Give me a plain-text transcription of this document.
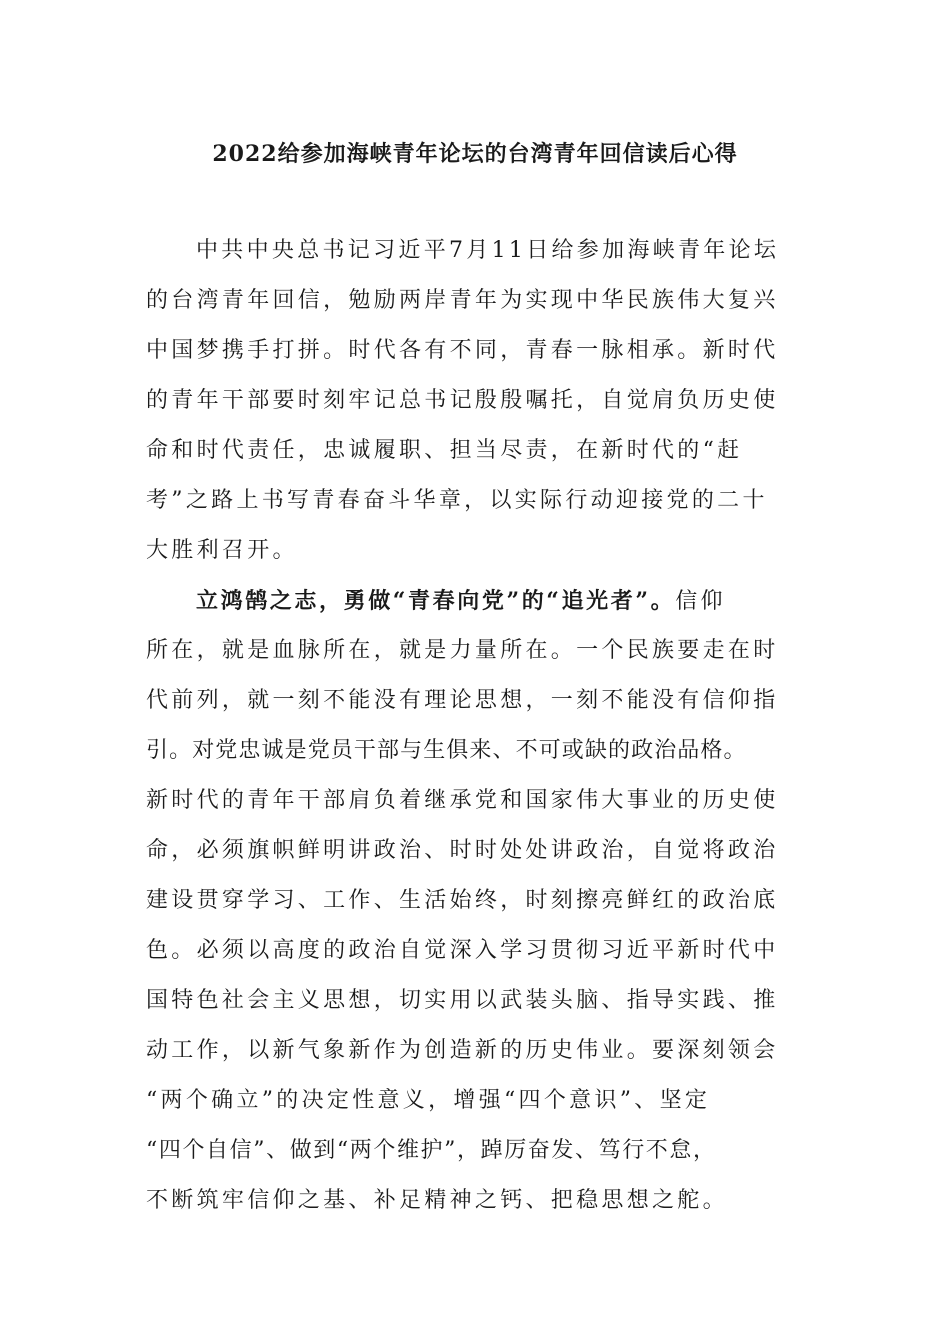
2022给参加海峡青年论坛的台湾青年回信读后心得
中共中央总书记习近平7月11日给参加海峡青年论坛
的台湾青年回信，勉励两岸青年为实现中华民族伟大复兴
中国梦携手打拼。时代各有不同，青春一脉相承。新时代
的青年干部要时刻牢记总书记殷殷嘱托，自觉肩负历史使
命和时代责任，忠诚履职、担当尽责，在新时代的“赶
考”之路上书写青春奋斗华章，以实际行动迎接党的二十
大胜利召开。
立鸿鹄之志，勇做“青春向党”的“追光者”。信仰
所在，就是血脉所在，就是力量所在。一个民族要走在时
代前列，就一刻不能没有理论思想，一刻不能没有信仰指
引。对党忠诚是党员干部与生俱来、不可或缺的政治品格。
新时代的青年干部肩负着继承党和国家伟大事业的历史使
命，必须旗帜鲜明讲政治、时时处处讲政治，自觉将政治
建设贯穿学习、工作、生活始终，时刻擦亮鲜红的政治底
色。必须以高度的政治自觉深入学习贯彻习近平新时代中
国特色社会主义思想，切实用以武装头脑、指导实践、推
动工作，以新气象新作为创造新的历史伟业。要深刻领会
“两个确立”的决定性意义，增强“四个意识”、坚定
“四个自信”、做到“两个维护”，踔厉奋发、笃行不怠，
不断筑牢信仰之基、补足精神之钙、把稳思想之舵。
